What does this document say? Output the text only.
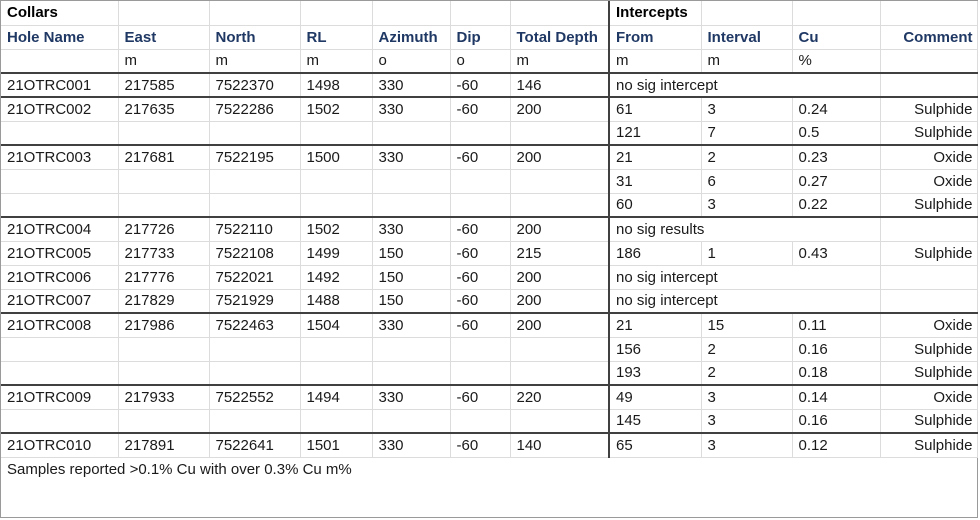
Collars							Intercepts			
Hole Name	East	North	RL	Azimuth	Dip	Total Depth	From	Interval	Cu	Comment
	m	m	m	o	o	m	m	m	%	
21OTRC001	217585	7522370	1498	330	-60	146	no sig intercept			
21OTRC002	217635	7522286	1502	330	-60	200	61	3	0.24	Sulphide
							121	7	0.5	Sulphide
21OTRC003	217681	7522195	1500	330	-60	200	21	2	0.23	Oxide
							31	6	0.27	Oxide
							60	3	0.22	Sulphide
21OTRC004	217726	7522110	1502	330	-60	200	no sig results			
21OTRC005	217733	7522108	1499	150	-60	215	186	1	0.43	Sulphide
21OTRC006	217776	7522021	1492	150	-60	200	no sig intercept			
21OTRC007	217829	7521929	1488	150	-60	200	no sig intercept			
21OTRC008	217986	7522463	1504	330	-60	200	21	15	0.11	Oxide
							156	2	0.16	Sulphide
							193	2	0.18	Sulphide
21OTRC009	217933	7522552	1494	330	-60	220	49	3	0.14	Oxide
							145	3	0.16	Sulphide
21OTRC010	217891	7522641	1501	330	-60	140	65	3	0.12	Sulphide
Samples reported >0.1% Cu with over 0.3% Cu m%										
